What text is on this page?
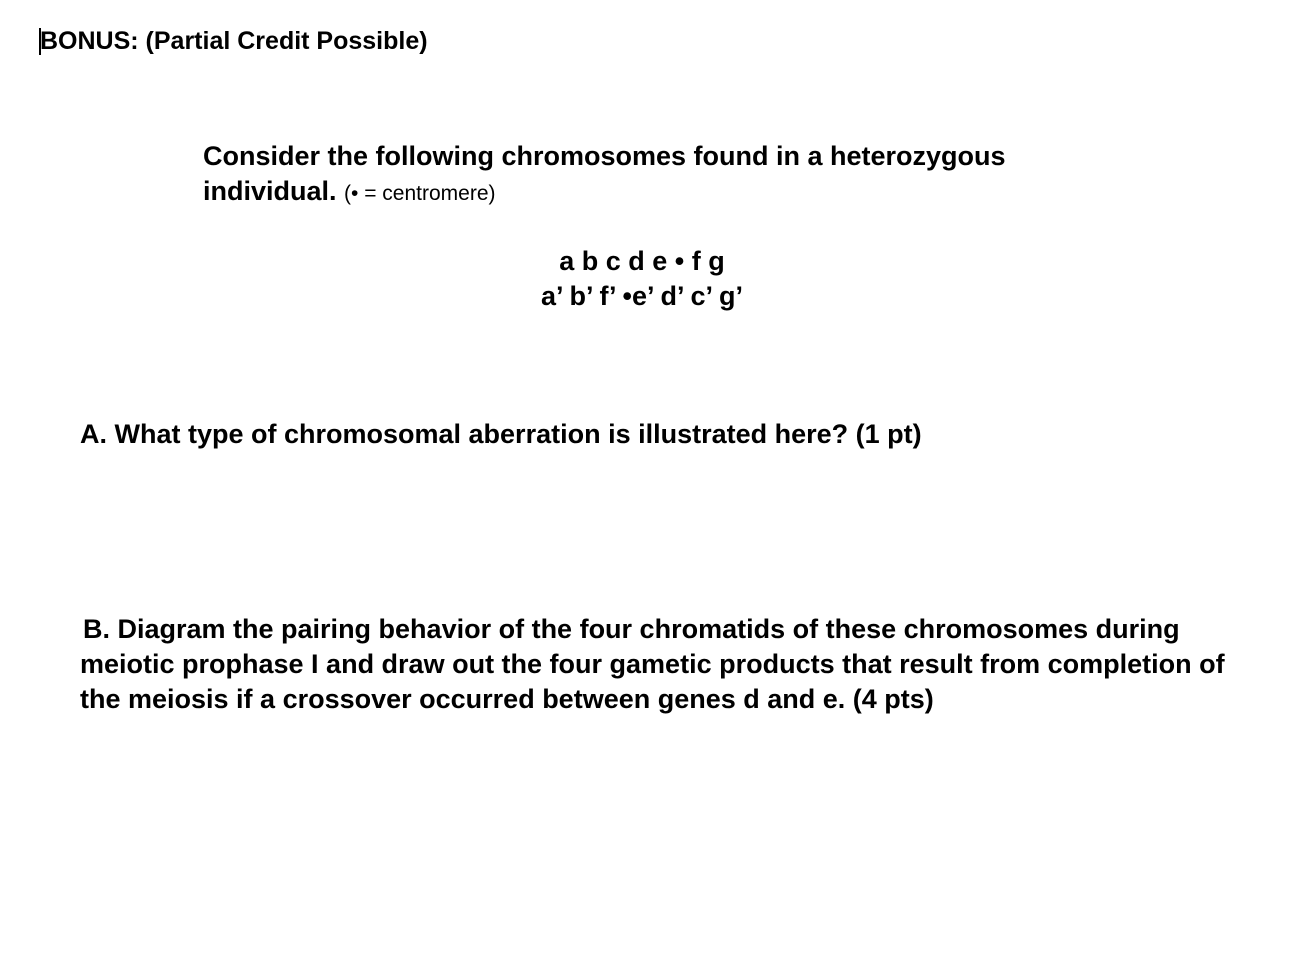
BONUS: (Partial Credit Possible)
Consider the following chromosomes found in a heterozygous
individual. (• = centromere)
a b c d e • f g
a’ b’ f’ •e’ d’ c’ g’
A. What type of chromosomal aberration is illustrated here? (1 pt)
B. Diagram the pairing behavior of the four chromatids of these chromosomes during
meiotic prophase I and draw out the four gametic products that result from completion of
the meiosis if a crossover occurred between genes d and e. (4 pts)
